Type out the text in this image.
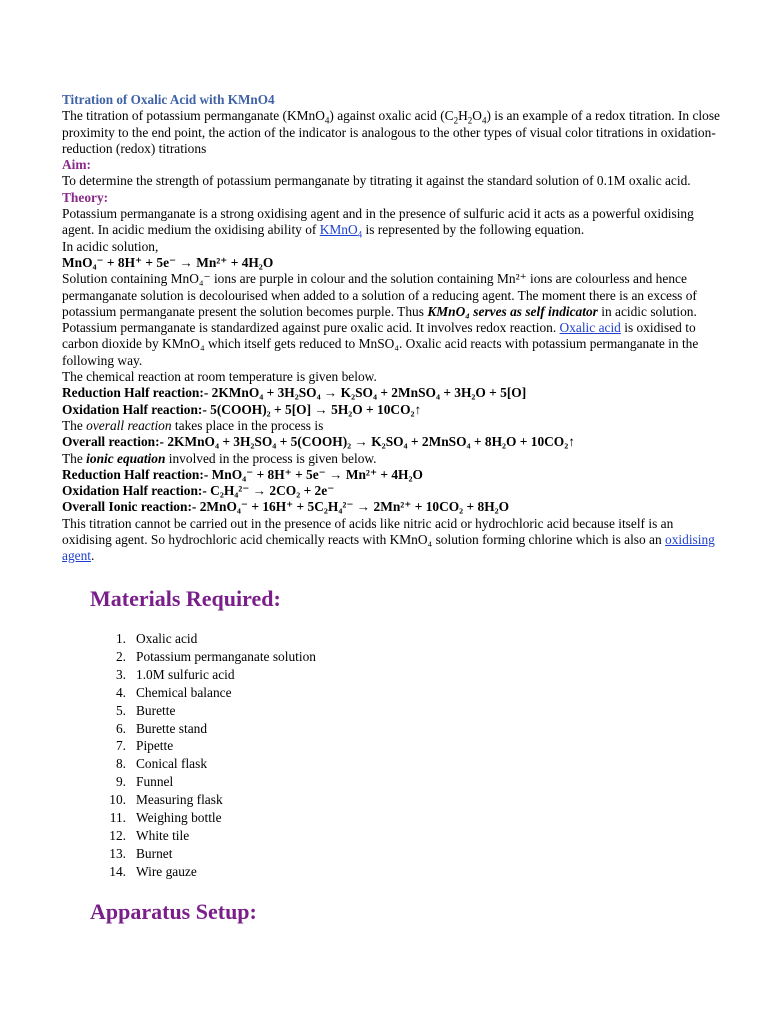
Titration of Oxalic Acid with KMnO4

The titration of potassium permanganate (KMnO$_4$) against oxalic acid $(C_2H_2O_4)$ is an example of a redox titration. In close proximity to the end point, the action of the indicator is analogous to the other types of visual color titrations in oxidation-reduction (redox) titrations

Aim:

To determine the strength of potassium permanganate by titrating it against the standard solution of 0.1M oxalic acid.

Theory:

Potassium permanganate is a strong oxidising agent and in the presence of sulfuric acid it acts as a powerful oxidising agent. In acidic medium the oxidising ability of KMnO$_4$ is represented by the following equation.

In acidic solution,

MnO₄⁻ + 8H⁺ + 5e⁻ → Mn²⁺ + 4H₂O

Solution containing MnO₄⁻ ions are purple in colour and the solution containing Mn²⁺ ions are colourless and hence permanganate solution is decolourised when added to a solution of a reducing agent. The moment there is an excess of potassium permanganate present the solution becomes purple. Thus KMnO₄ serves as self indicator in acidic solution.

Potassium permanganate is standardized against pure oxalic acid. It involves redox reaction. Oxalic acid is oxidised to carbon dioxide by KMnO₄ which itself gets reduced to MnSO₄. Oxalic acid reacts with potassium permanganate in the following way.

The chemical reaction at room temperature is given below.

Reduction Half reaction:- 2KMnO₄ + 3H₂SO₄ → K₂SO₄ + 2MnSO₄ + 3H₂O + 5[O]

Oxidation Half reaction:- 5(COOH)₂ + 5[O] → 5H₂O + 10CO₂↑

The overall reaction takes place in the process is

Overall reaction:- 2KMnO₄ + 3H₂SO₄ + 5(COOH)₂ → K₂SO₄ + 2MnSO₄ + 8H₂O + 10CO₂↑

The ionic equation involved in the process is given below.

Reduction Half reaction:- MnO₄⁻ + 8H⁺ + 5e⁻ → Mn²⁺ + 4H₂O

Oxidation Half reaction:- C₂H₄²⁻ → 2CO₂ + 2e⁻

Overall Ionic reaction:- 2MnO₄⁻ + 16H⁺ + 5C₂H₄²⁻ → 2Mn²⁺ + 10CO₂ + 8H₂O

This titration cannot be carried out in the presence of acids like nitric acid or hydrochloric acid because itself is an oxidising agent. So hydrochloric acid chemically reacts with KMnO₄ solution forming chlorine which is also an oxidising agent.

Materials Required:
1. Oxalic acid
2. Potassium permanganate solution
3. 1.0M sulfuric acid
4. Chemical balance
5. Burette
6. Burette stand
7. Pipette
8. Conical flask
9. Funnel
10. Measuring flask
11. Weighing bottle
12. White tile
13. Burnet
14. Wire gauze
Apparatus Setup:
